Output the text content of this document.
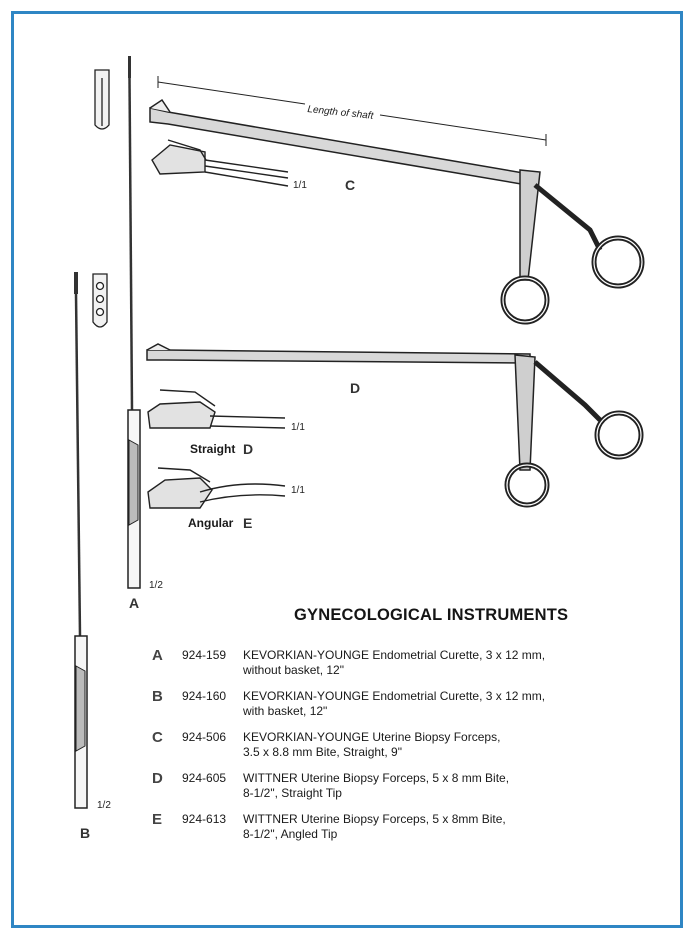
Length of shaft
C
1/1
D
1/1
1/1
Straight D
Angular E
1/2
A
1/2
B
GYNECOLOGICAL INSTRUMENTS
A 924-159 KEVORKIAN-YOUNGE Endometrial Curette, 3 x 12 mm,
without basket, 12"
B 924-160 KEVORKIAN-YOUNGE Endometrial Curette, 3 x 12 mm,
with basket, 12"
C 924-506 KEVORKIAN-YOUNGE Uterine Biopsy Forceps,
3.5 x 8.8 mm Bite, Straight, 9"
D 924-605 WITTNER Uterine Biopsy Forceps, 5 x 8 mm Bite,
8-1/2", Straight Tip
E 924-613 WITTNER Uterine Biopsy Forceps, 5 x 8mm Bite,
8-1/2", Angled Tip
